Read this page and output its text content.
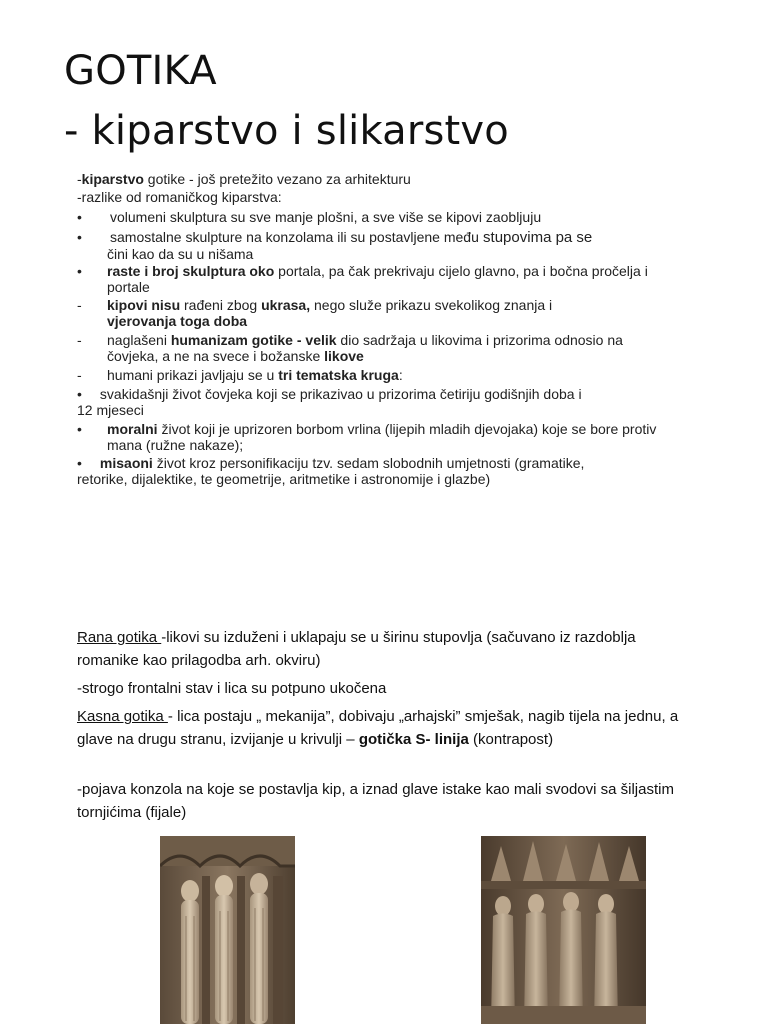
GOTIKA
- kiparstvo i slikarstvo
-kiparstvo gotike - još pretežito vezano za arhitekturu
-razlike od romaničkog kiparstva:
•	volumeni skulptura su sve manje plošni, a sve više se kipovi zaobljuju
•	samostalne skulpture na konzolama ili su postavljene među stupovima pa se
čini kao da su u nišama
•	raste i broj skulptura oko portala, pa čak prekrivaju cijelo glavno, pa i bočna pročelja i portale
-	kipovi nisu rađeni zbog ukrasa, nego služe prikazu svekolikog znanja i
vjerovanja toga doba
-	naglašeni humanizam gotike - velik dio sadržaja u likovima i prizorima odnosio na čovjeka, a ne na svece i božanske likove
-	humani prikazi javljaju se u tri tematska kruga:
• svakidašnji život čovjeka koji se prikazivao u prizorima četiriju godišnjih doba i
12 mjeseci
•	moralni život koji je uprizoren borbom vrlina (lijepih mladih djevojaka) koje se bore protiv mana (ružne nakaze);
• misaoni život kroz personifikaciju tzv. sedam slobodnih umjetnosti (gramatike,
retorike, dijalektike, te geometrije, aritmetike i astronomije i glazbe)
Rana gotika -likovi su izduženi i uklapaju se u širinu stupovlja (sačuvano iz razdoblja romanike kao prilagodba arh. okviru)
-strogo frontalni stav i lica su potpuno ukočena
Kasna gotika - lica postaju „ mekanija”, dobivaju „arhajski” smješak, nagib tijela na jednu, a glave na drugu stranu, izvijanje u krivulji – gotička S- linija (kontrapost)
-pojava konzola na koje se postavlja kip, a iznad glave istake kao mali svodovi sa šiljastim tornjićima (fijale)
